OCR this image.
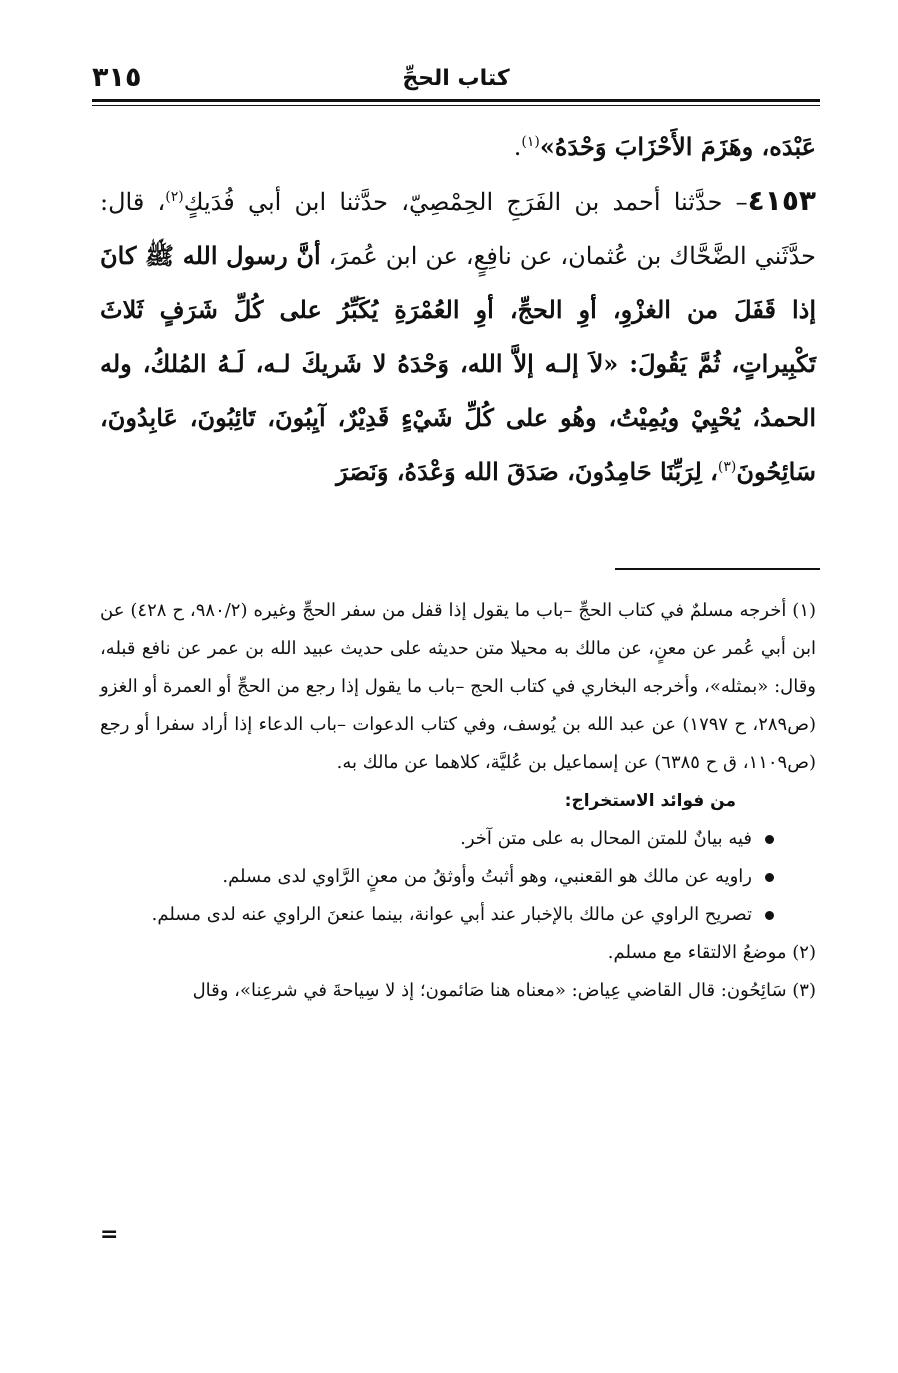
كتاب الحجِّ
٣١٥

عَبْدَه، وهَزَمَ الأَحْزَابَ وَحْدَهُ»$^{(١)}$.

٤١٥٣– حدَّثنا أحمد بن الفَرَجِ الحِمْصِيّ، حدَّثنا ابن أبي فُدَيكٍ$^{(٢)}$، قال: حدَّثَني الضَّحَّاك بن عُثمان، عن نافِعٍ، عن ابن عُمرَ، أنَّ رسول الله ﷺ كانَ إذا قَفَلَ من الغزْوِ، أوِ الحجِّ، أوِ العُمْرَةِ يُكَبِّرُ على كُلِّ شَرَفٍ ثَلاثَ تَكْبِيراتٍ، ثُمَّ يَقُولَ: «لاَ إلـه إلاَّ الله، وَحْدَهُ لا شَريكَ لـه، لَـهُ المُلكُ، وله الحمدُ، يُحْيِيْ ويُمِيْتُ، وهُو على كُلِّ شَيْءٍ قَدِيْرٌ، آيِبُونَ، تَائِبُونَ، عَابِدُونَ، سَائِحُونَ$^{(٣)}$، لِرَبِّنَا حَامِدُونَ، صَدَقَ الله وَعْدَهُ، وَنَصَرَ

(١) أخرجه مسلمٌ في كتاب الحجِّ –باب ما يقول إذا قفل من سفر الحجِّ وغيره (٩٨٠/٢، ح ٤٢٨) عن ابن أبي عُمر عن معنٍ، عن مالك به محيلا متن حديثه على حديث عبيد الله بن عمر عن نافع قبله، وقال: «بمثله»، وأخرجه البخاري في كتاب الحج –باب ما يقول إذا رجع من الحجِّ أو العمرة أو الغزو (ص٢٨٩، ح ١٧٩٧) عن عبد الله بن يُوسف، وفي كتاب الدعوات –باب الدعاء إذا أراد سفرا أو رجع (ص١١٠٩، ق ح ٦٣٨٥) عن إسماعيل بن عُليَّة، كلاهما عن مالك به.

من فوائد الاستخراج:

فيه بيانٌ للمتن المحال به على متن آخر.
راويه عن مالك هو القعنبي، وهو أثبتُ وأوثقُ من معنٍ الرَّاوي لدى مسلم.
تصريح الراوي عن مالك بالإخبار عند أبي عوانة، بينما عنعنَ الراوي عنه لدى مسلم.

(٢) موضعُ الالتقاء مع مسلم.

(٣) سَائِحُون: قال القاضي عِياض: «معناه هنا صَائمون؛ إذ لا سِياحةَ في شرعِنا»، وقال

=
